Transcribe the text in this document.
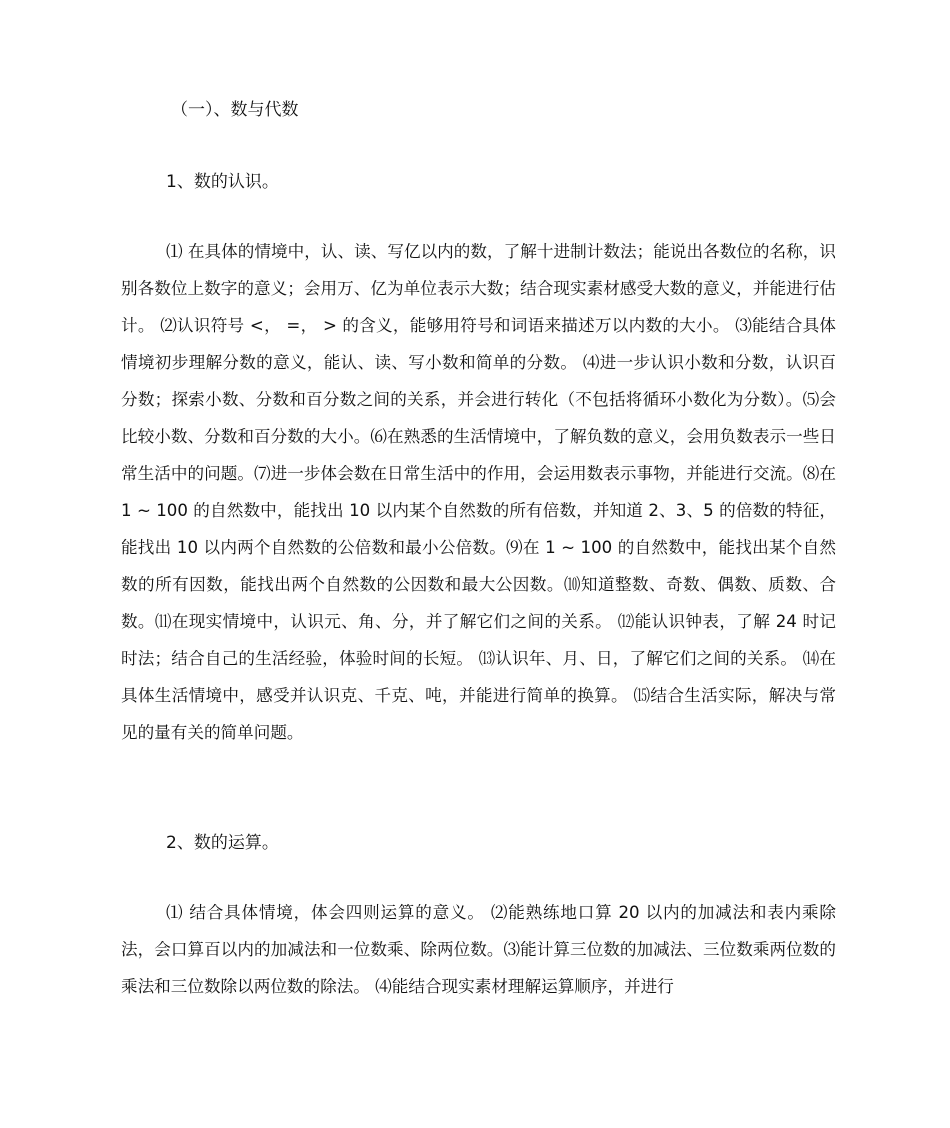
（一）、数与代数
1、数的认识。

⑴ 在具体的情境中，认、读、写亿以内的数，了解十进制计数法；能说出各数位的名称，识别各数位上数字的意义；会用万、亿为单位表示大数；结合现实素材感受大数的意义，并能进行估计。 ⑵认识符号 <， =， > 的含义，能够用符号和词语来描述万以内数的大小。 ⑶能结合具体情境初步理解分数的意义，能认、读、写小数和简单的分数。 ⑷进一步认识小数和分数，认识百分数；探索小数、分数和百分数之间的关系，并会进行转化（不包括将循环小数化为分数）。⑸会比较小数、分数和百分数的大小。⑹在熟悉的生活情境中，了解负数的意义，会用负数表示一些日常生活中的问题。⑺进一步体会数在日常生活中的作用，会运用数表示事物，并能进行交流。⑻在 1 ~ 100 的自然数中，能找出 10 以内某个自然数的所有倍数，并知道 2、3、5 的倍数的特征，能找出 10 以内两个自然数的公倍数和最小公倍数。⑼在 1 ~ 100 的自然数中，能找出某个自然数的所有因数，能找出两个自然数的公因数和最大公因数。⑽知道整数、奇数、偶数、质数、合数。⑾在现实情境中，认识元、角、分，并了解它们之间的关系。 ⑿能认识钟表，了解 24 时记时法；结合自己的生活经验，体验时间的长短。 ⒀认识年、月、日，了解它们之间的关系。 ⒁在具体生活情境中，感受并认识克、千克、吨，并能进行简单的换算。 ⒂结合生活实际，解决与常见的量有关的简单问题。

2、数的运算。

⑴ 结合具体情境，体会四则运算的意义。 ⑵能熟练地口算 20 以内的加减法和表内乘除法，会口算百以内的加减法和一位数乘、除两位数。⑶能计算三位数的加减法、三位数乘两位数的乘法和三位数除以两位数的除法。 ⑷能结合现实素材理解运算顺序，并进行
